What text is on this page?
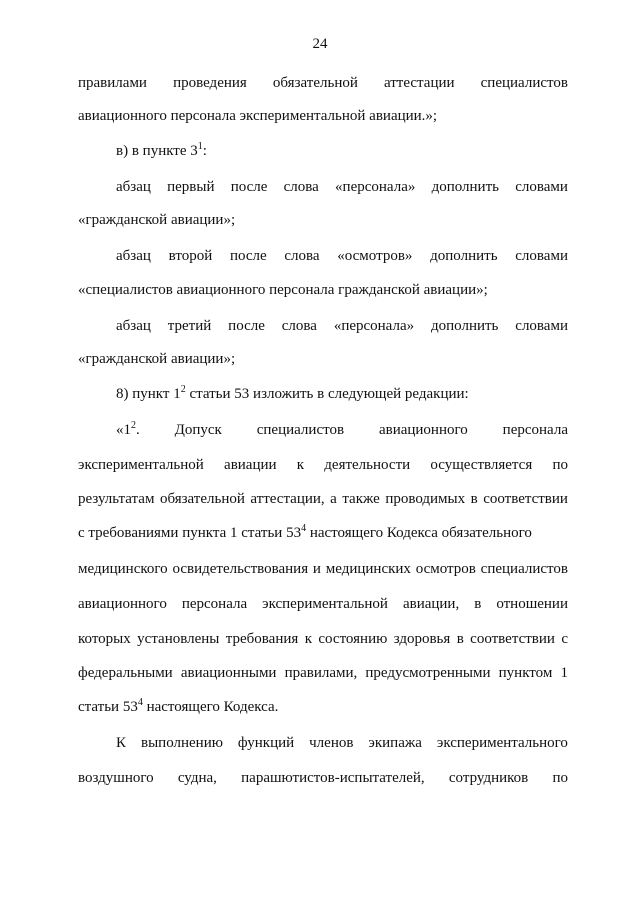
24
правилами проведения обязательной аттестации специалистов
авиационного персонала экспериментальной авиации.»;
в) в пункте $3^1$:
абзац первый после слова «персонала» дополнить словами
«гражданской авиации»;
абзац второй после слова «осмотров» дополнить словами
«специалистов авиационного персонала гражданской авиации»;
абзац третий после слова «персонала» дополнить словами
«гражданской авиации»;
8) пункт $1^2$ статьи 53 изложить в следующей редакции:
«$1^2$. Допуск специалистов авиационного персонала
экспериментальной авиации к деятельности осуществляется по
результатам обязательной аттестации, а также проводимых в соответствии
с требованиями пункта 1 статьи $53^4$ настоящего Кодекса обязательного
медицинского освидетельствования и медицинских осмотров специалистов
авиационного персонала экспериментальной авиации, в отношении
которых установлены требования к состоянию здоровья в соответствии с
федеральными авиационными правилами, предусмотренными пунктом 1
статьи $53^4$ настоящего Кодекса.
К выполнению функций членов экипажа экспериментального
воздушного судна, парашютистов-испытателей, сотрудников по
